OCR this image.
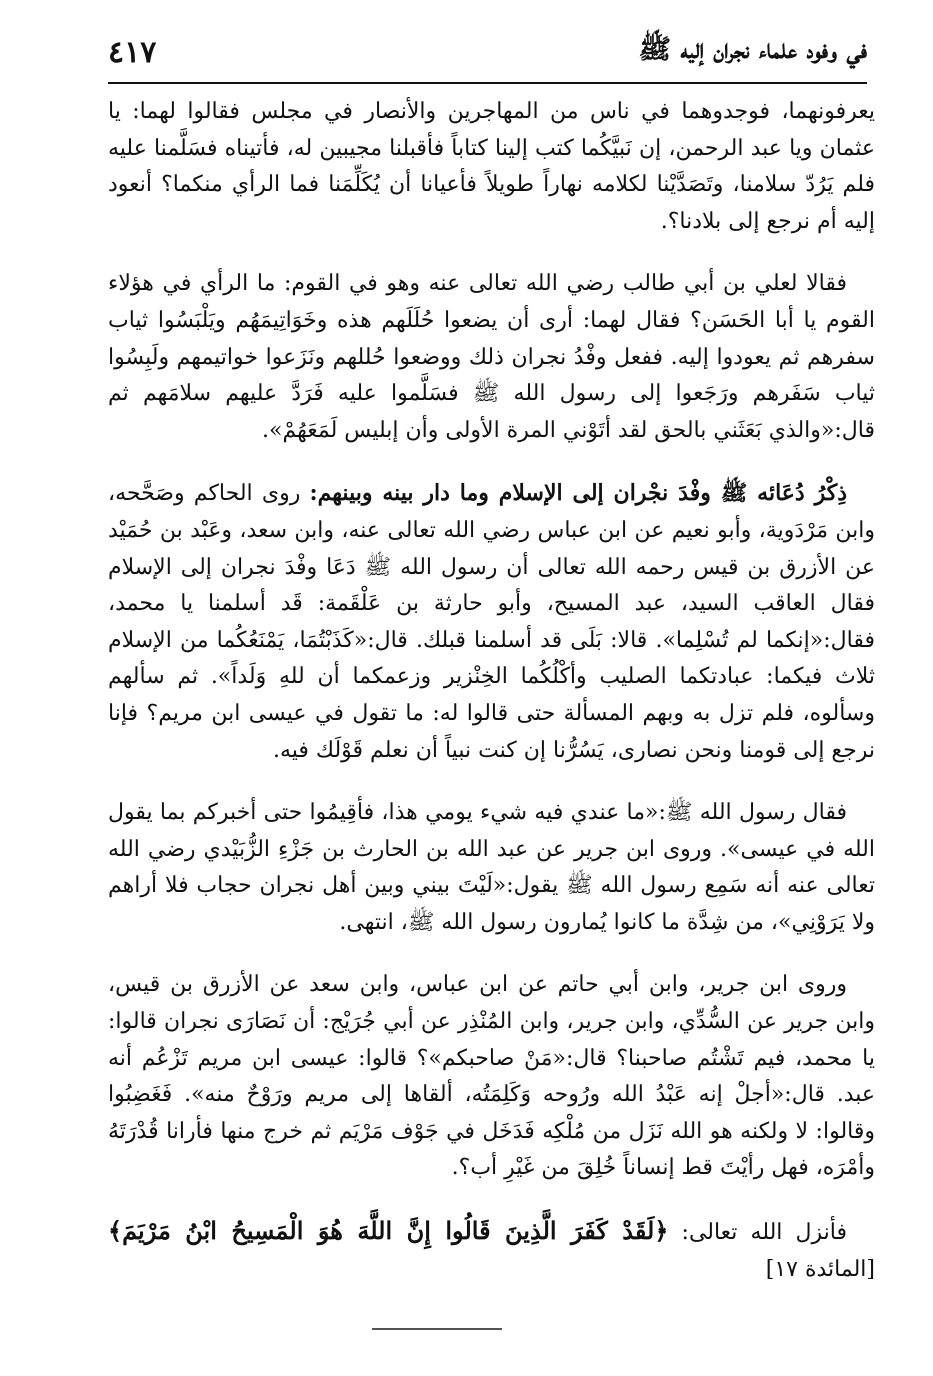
في وفود علماء نجران إليه ﷺ
٤١٧

يعرفونهما، فوجدوهما في ناس من المهاجرين والأنصار في مجلس فقالوا لهما: يا عثمان ويا عبد الرحمن، إن نَبيَّكُما كتب إلينا كتاباً فأقبلنا مجيبين له، فأتيناه فسَلَّمنا عليه فلم يَرُدّ سلامنا، وتَصَدَّيْنا لكلامه نهاراً طويلاً فأعيانا أن يُكَلِّمَنا فما الرأي منكما؟ أنعود إليه أم نرجع إلى بلادنا؟.

فقالا لعلي بن أبي طالب رضي الله تعالى عنه وهو في القوم: ما الرأي في هؤلاء القوم يا أبا الحَسَن؟ فقال لهما: أرى أن يضعوا حُلَلَهم هذه وخَوَاتِيمَهُم ويَلْبَسُوا ثياب سفرهم ثم يعودوا إليه. ففعل وفْدُ نجران ذلك ووضعوا حُللهم ونَزَعوا خواتيمهم ولَبِسُوا ثياب سَفَرهم ورَجَعوا إلى رسول الله ﷺ فسَلَّموا عليه فَرَدَّ عليهم سلامَهم ثم قال:«والذي بَعَثَني بالحق لقد أتَوْني المرة الأولى وأن إبليس لَمَعَهُمْ».

ذِكْرُ دُعَائه ﷺ وفْدَ نجْران إلى الإسلام وما دار بينه وبينهم: روى الحاكم وصَحَّحه، وابن مَرْدَوية، وأبو نعيم عن ابن عباس رضي الله تعالى عنه، وابن سعد، وعَبْد بن حُمَيْد عن الأزرق بن قيس رحمه الله تعالى أن رسول الله ﷺ دَعَا وفْدَ نجران إلى الإسلام فقال العاقب السيد، عبد المسيح، وأبو حارثة بن عَلْقَمة: قَد أسلمنا يا محمد، فقال:«إنكما لم تُسْلِما». قالا: بَلَى قد أسلمنا قبلك. قال:«كَذَبْتُمَا، يَمْنَعُكُما من الإسلام ثلاث فيكما: عبادتكما الصليب وأكْلُكُما الخِنْزير وزعمكما أن للهِ وَلَداً». ثم سألهم وسألوه، فلم تزل به وبهم المسألة حتى قالوا له: ما تقول في عيسى ابن مريم؟ فإنا نرجع إلى قومنا ونحن نصارى، يَسُرُّنا إن كنت نبياً أن نعلم قَوْلَك فيه.

فقال رسول الله ﷺ:«ما عندي فيه شيء يومي هذا، فأقِيمُوا حتى أخبركم بما يقول الله في عيسى». وروى ابن جرير عن عبد الله بن الحارث بن جَزْءِ الزُّبَيْدي رضي الله تعالى عنه أنه سَمِع رسول الله ﷺ يقول:«لَيْتَ بيني وبين أهل نجران حجاب فلا أراهم ولا يَرَوْنِي»، من شِدَّة ما كانوا يُمارون رسول الله ﷺ، انتهى.

وروى ابن جرير، وابن أبي حاتم عن ابن عباس، وابن سعد عن الأزرق بن قيس، وابن جرير عن السُّدِّي، وابن جرير، وابن المُنْذِر عن أبي جُرَيْج: أن نَصَارَى نجران قالوا: يا محمد، فيم تَشْتُم صاحبنا؟ قال:«مَنْ صاحبكم»؟ قالوا: عيسى ابن مريم تَزْعُم أنه عبد. قال:«أجلْ إنه عَبْدُ الله ورُوحه وَكَلِمَتُه، ألقاها إلى مريم ورَوْحٌ منه». فَغَضِبُوا وقالوا: لا ولكنه هو الله نَزَل من مُلْكِه فَدَخَل في جَوْف مَرْيَم ثم خرج منها فأرانا قُدْرَتَهُ وأمْرَه، فهل رأيْتَ قط إنساناً خُلِقَ من غَيْرِ أب؟.

فأنزل الله تعالى: ﴿لَقَدْ كَفَرَ الَّذِينَ قَالُوا إِنَّ اللَّهَ هُوَ الْمَسِيحُ ابْنُ مَرْيَمَ﴾ [المائدة ١٧]
